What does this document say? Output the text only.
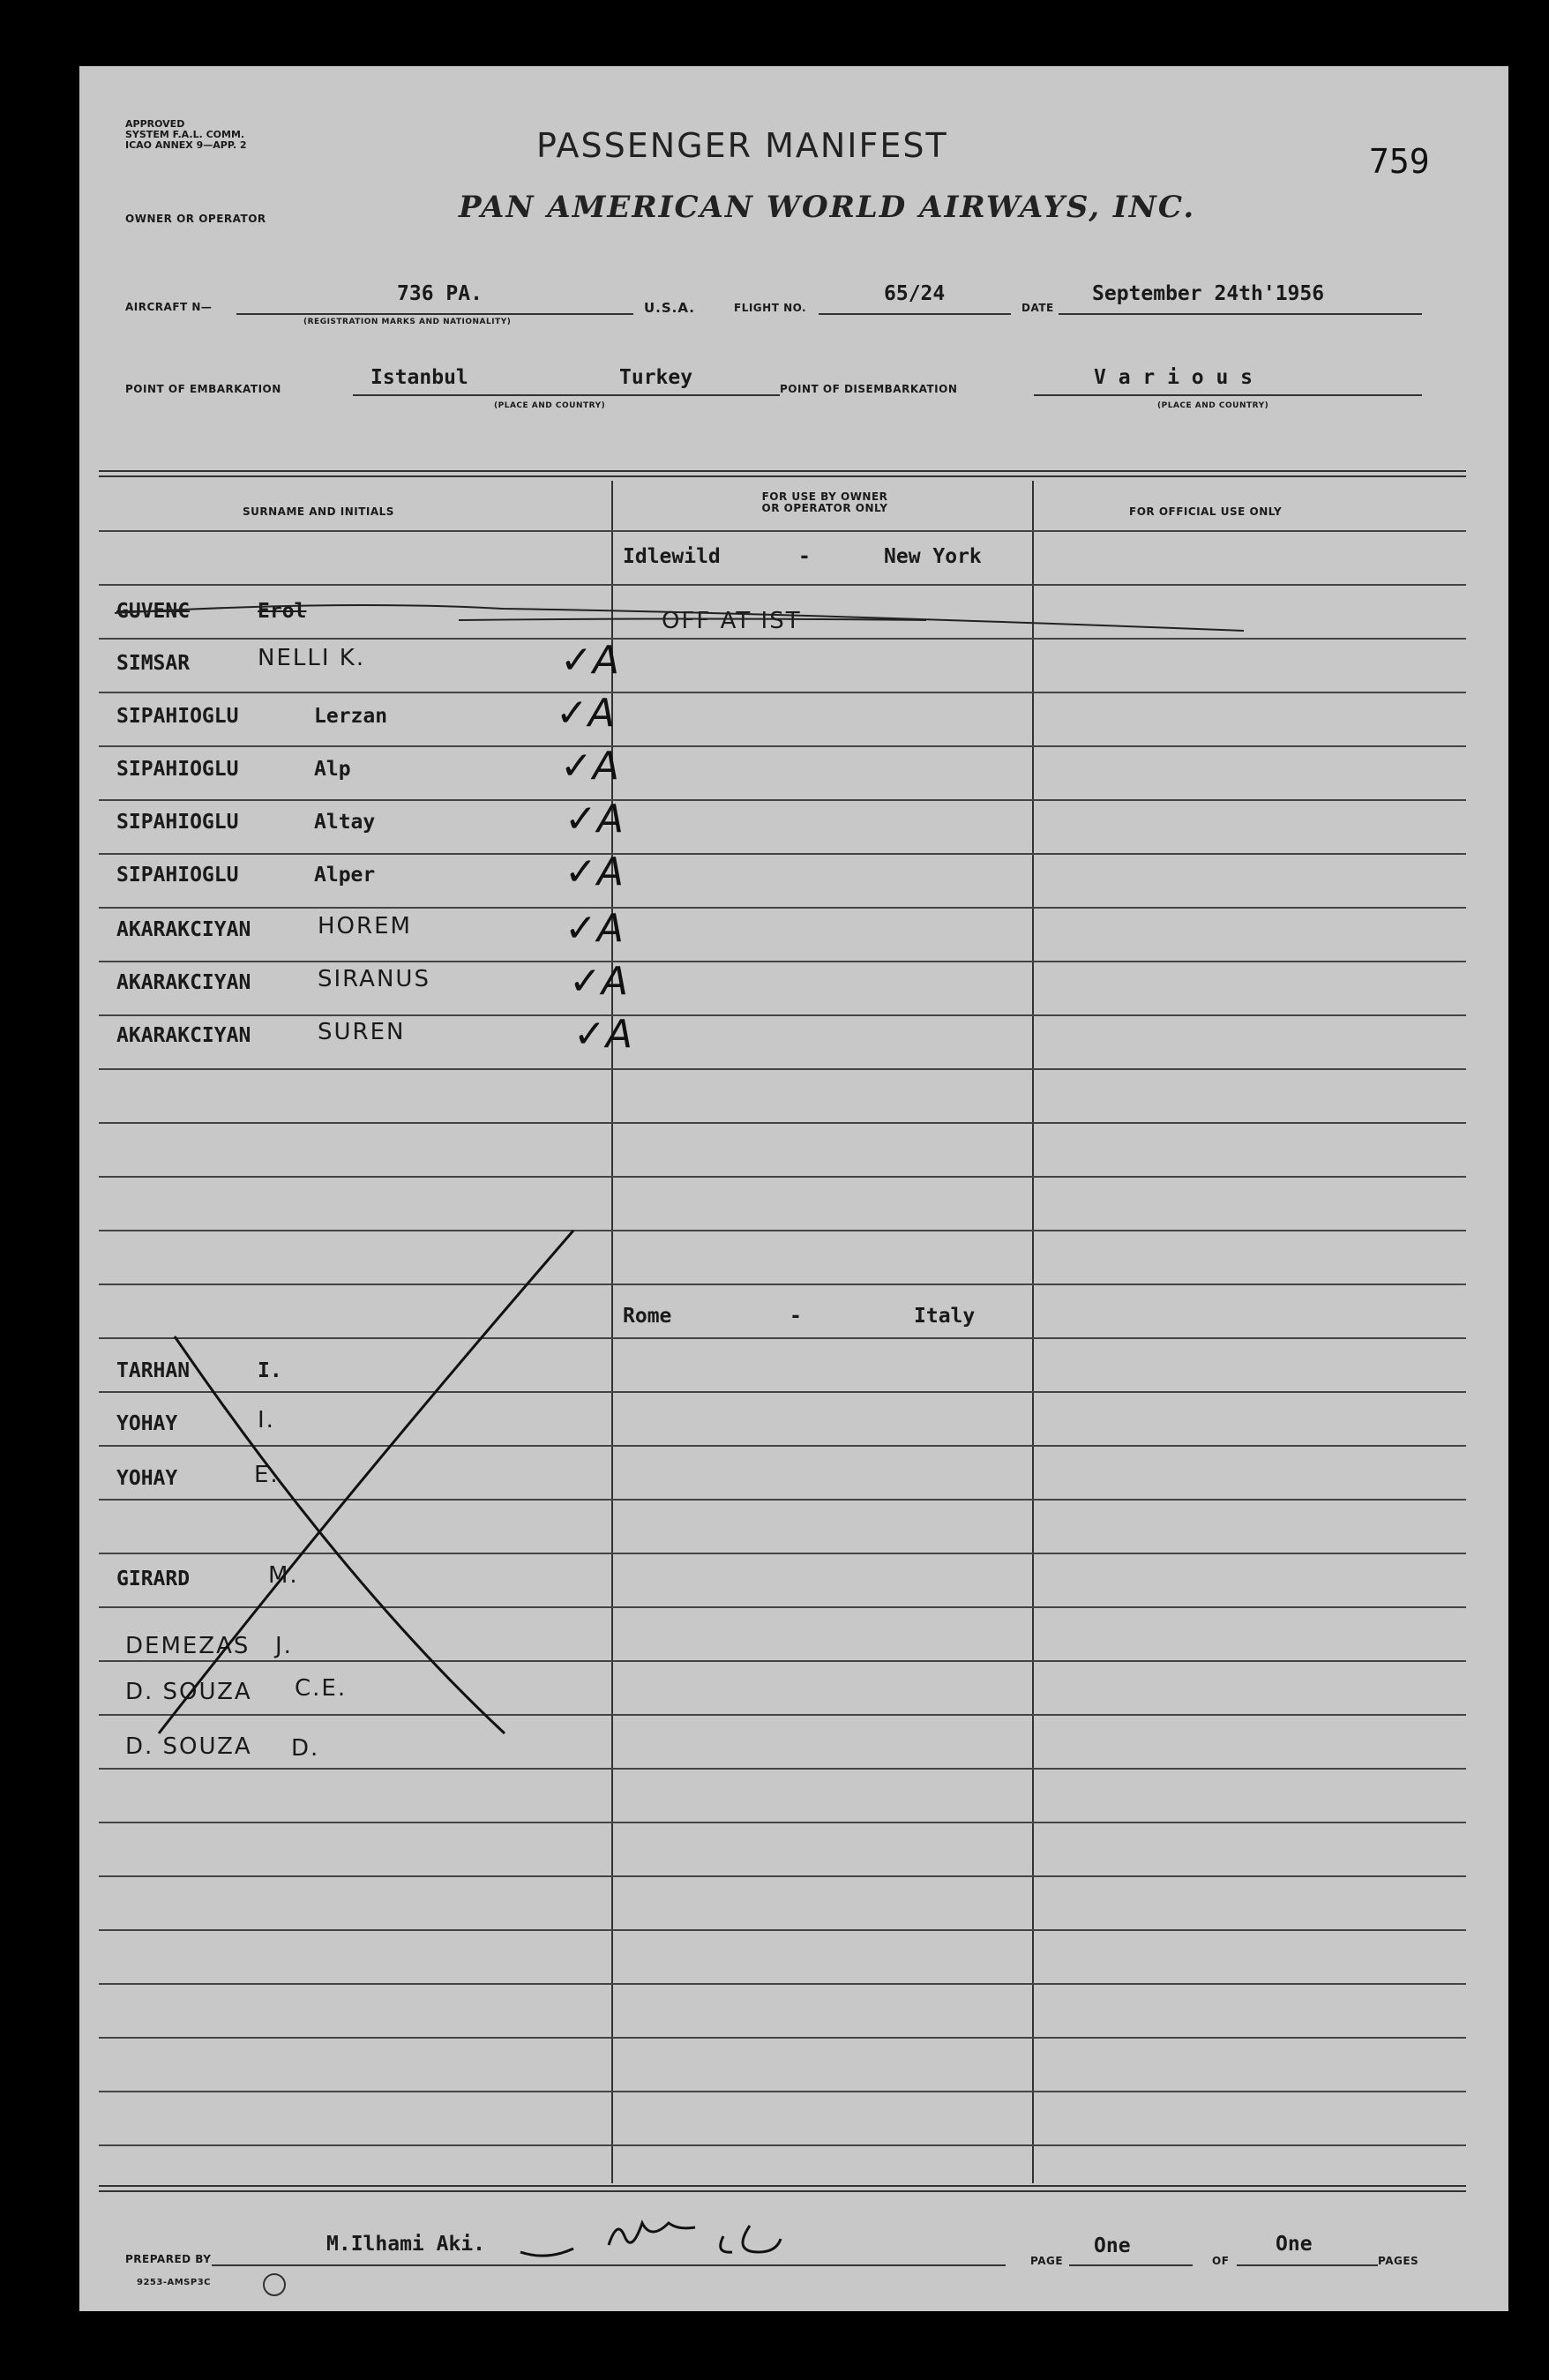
APPROVED
SYSTEM F.A.L. COMM.
ICAO ANNEX 9—APP. 2	PASSENGER MANIFEST	759
OWNER OR OPERATOR	PAN AMERICAN WORLD AIRWAYS, INC.
AIRCRAFT N—
736 PA.
(REGISTRATION MARKS AND NATIONALITY)
U.S.A.	FLIGHT NO.
65/24
DATE
September 24th'1956
POINT OF EMBARKATION	Istanbul	Turkey
(PLACE AND COUNTRY)
POINT OF DISEMBARKATION	V a r i o u s
(PLACE AND COUNTRY)
SURNAME AND INITIALS
FOR USE BY OWNER
OR OPERATOR ONLY	FOR OFFICIAL USE ONLY
Idlewild	-	New York
GUVENC	Erol	OFF AT IST
SIMSAR	NELLI K.	✓A
SIPAHIOGLU	Lerzan	✓A
SIPAHIOGLU	Alp	✓A
SIPAHIOGLU	Altay	✓A
SIPAHIOGLU	Alper	✓A
AKARAKCIYAN	HOREM	✓A
AKARAKCIYAN	SIRANUS	✓A
AKARAKCIYAN	SUREN	✓A
Rome	-	Italy
TARHAN	I.
YOHAY	I.
YOHAY	E.
GIRARD	M.
DEMEZAS J.
D. SOUZA C.E.
D. SOUZA D.
PREPARED BY
M.Ilhami Aki.
PAGE
One
OF
One
PAGES
9253-AMSP3C
